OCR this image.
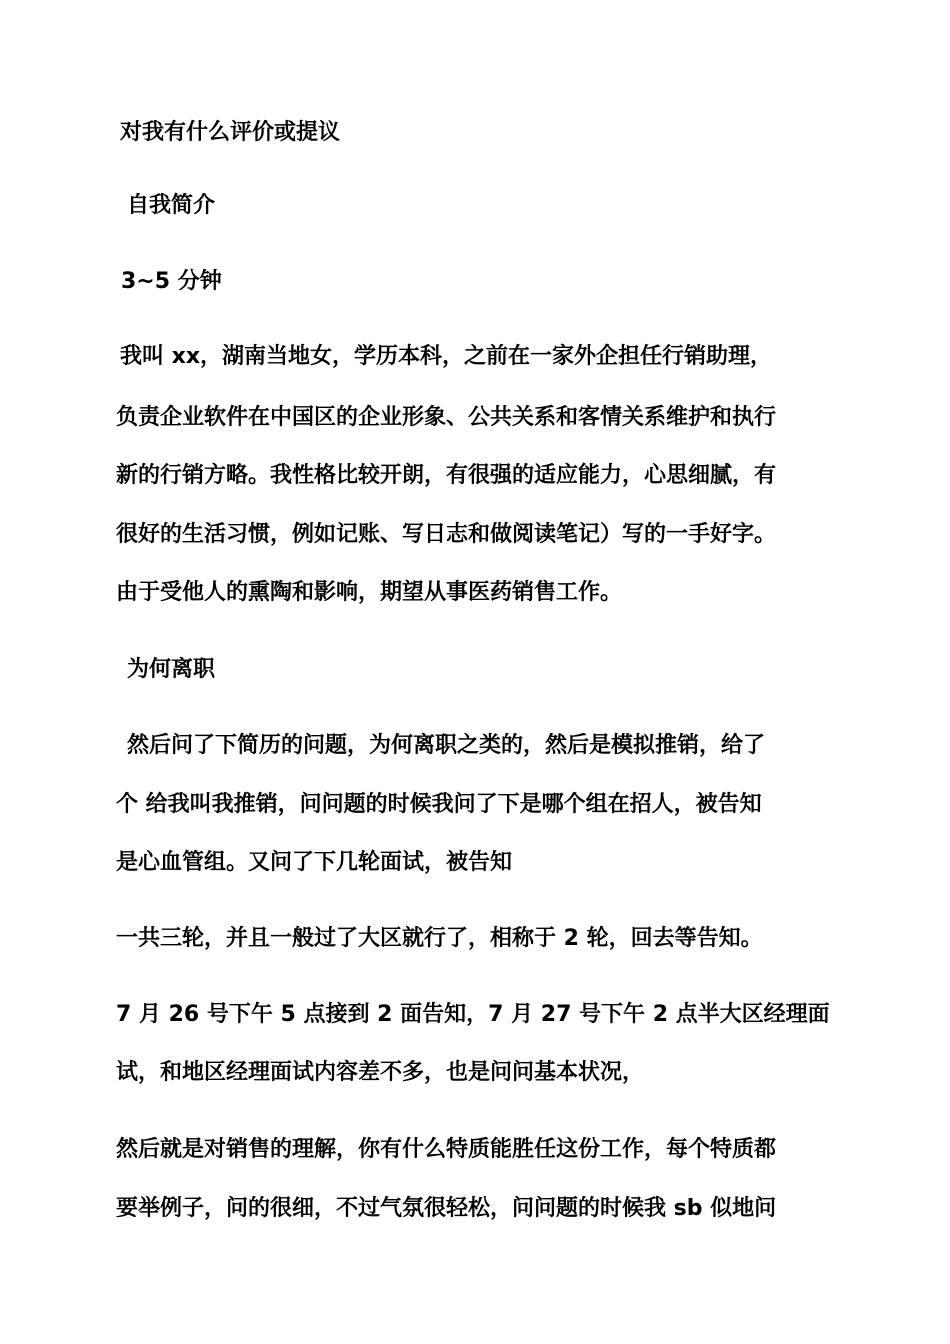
对我有什么评价或提议
自我简介
3~5 分钟
我叫 xx，湖南当地女，学历本科，之前在一家外企担任行销助理，
负责企业软件在中国区的企业形象、公共关系和客情关系维护和执行
新的行销方略。我性格比较开朗，有很强的适应能力，心思细腻，有
很好的生活习惯，例如记账、写日志和做阅读笔记）写的一手好字。
由于受他人的熏陶和影响，期望从事医药销售工作。
为何离职
然后问了下简历的问题，为何离职之类的，然后是模拟推销，给了
个 给我叫我推销，问问题的时候我问了下是哪个组在招人，被告知
是心血管组。又问了下几轮面试，被告知
一共三轮，并且一般过了大区就行了，相称于 2 轮，回去等告知。
7 月 26 号下午 5 点接到 2 面告知，7 月 27 号下午 2 点半大区经理面
试，和地区经理面试内容差不多，也是问问基本状况，
然后就是对销售的理解，你有什么特质能胜任这份工作，每个特质都
要举例子，问的很细，不过气氛很轻松，问问题的时候我 sb 似地问
